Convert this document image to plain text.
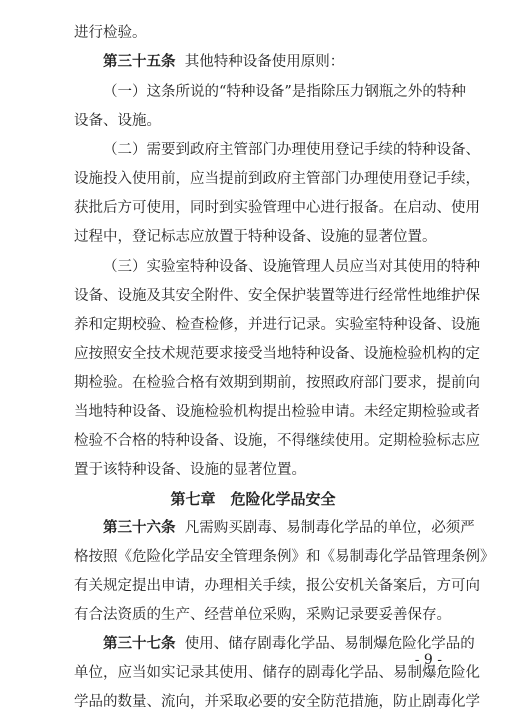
进行检验。
第三十五条 其他特种设备使用原则：
（一）这条所说的“特种设备”是指除压力钢瓶之外的特种
设备、设施。
（二）需要到政府主管部门办理使用登记手续的特种设备、
设施投入使用前，应当提前到政府主管部门办理使用登记手续，
获批后方可使用，同时到实验管理中心进行报备。在启动、使用
过程中，登记标志应放置于特种设备、设施的显著位置。
（三）实验室特种设备、设施管理人员应当对其使用的特种
设备、设施及其安全附件、安全保护装置等进行经常性地维护保
养和定期校验、检查检修，并进行记录。实验室特种设备、设施
应按照安全技术规范要求接受当地特种设备、设施检验机构的定
期检验。在检验合格有效期到期前，按照政府部门要求，提前向
当地特种设备、设施检验机构提出检验申请。未经定期检验或者
检验不合格的特种设备、设施，不得继续使用。定期检验标志应
置于该特种设备、设施的显著位置。
第七章　危险化学品安全
第三十六条 凡需购买剧毒、易制毒化学品的单位，必须严
格按照《危险化学品安全管理条例》和《易制毒化学品管理条例》
有关规定提出申请，办理相关手续，报公安机关备案后，方可向
有合法资质的生产、经营单位采购，采购记录要妥善保存。
第三十七条 使用、储存剧毒化学品、易制爆危险化学品的
单位，应当如实记录其使用、储存的剧毒化学品、易制爆危险化
学品的数量、流向，并采取必要的安全防范措施，防止剧毒化学
- 9 -
